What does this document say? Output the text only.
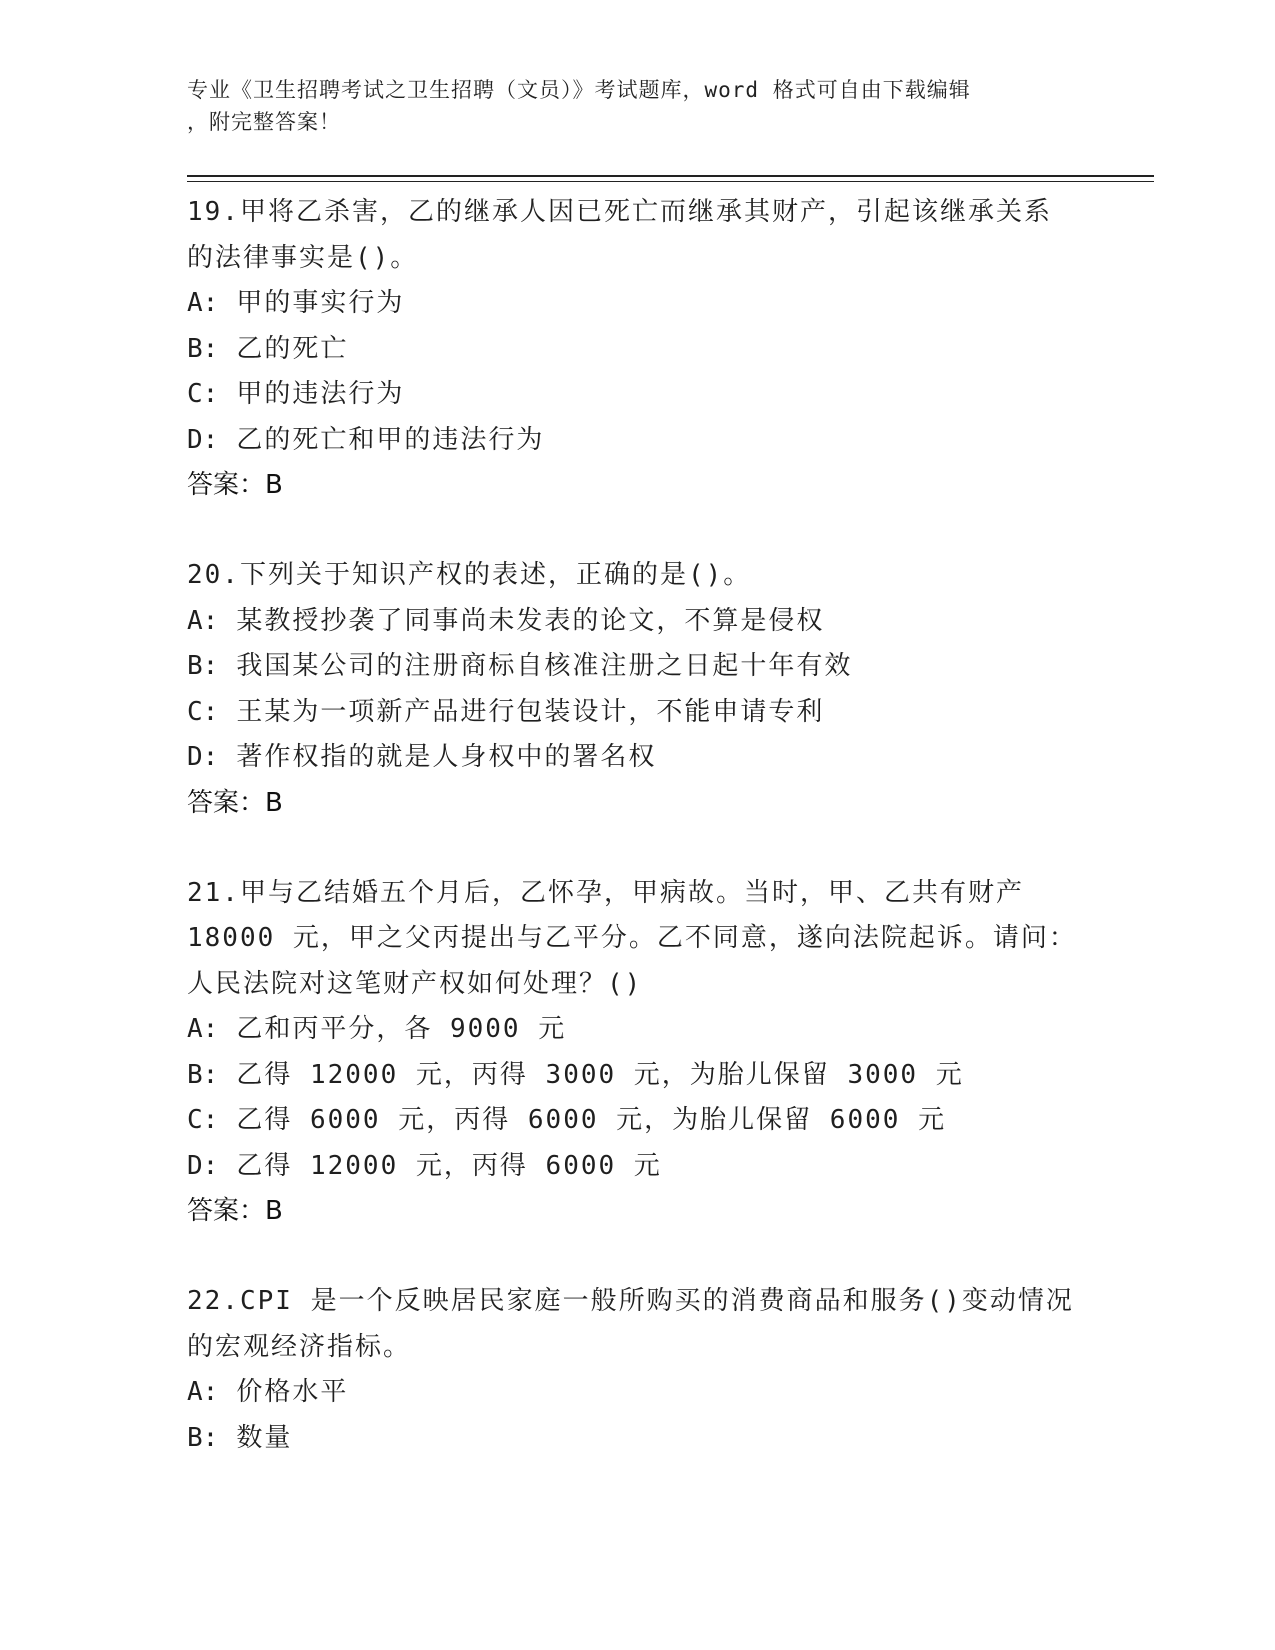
专业《卫生招聘考试之卫生招聘（文员）》考试题库，word 格式可自由下载编辑
，附完整答案！
19.甲将乙杀害，乙的继承人因已死亡而继承其财产，引起该继承关系
的法律事实是()。
A: 甲的事实行为
B: 乙的死亡
C: 甲的违法行为
D: 乙的死亡和甲的违法行为
答案：B
20.下列关于知识产权的表述，正确的是()。
A: 某教授抄袭了同事尚未发表的论文，不算是侵权
B: 我国某公司的注册商标自核准注册之日起十年有效
C: 王某为一项新产品进行包装设计，不能申请专利
D: 著作权指的就是人身权中的署名权
答案：B
21.甲与乙结婚五个月后，乙怀孕，甲病故。当时，甲、乙共有财产
18000 元，甲之父丙提出与乙平分。乙不同意，遂向法院起诉。请问：
人民法院对这笔财产权如何处理？()
A: 乙和丙平分，各 9000 元
B: 乙得 12000 元，丙得 3000 元，为胎儿保留 3000 元
C: 乙得 6000 元，丙得 6000 元，为胎儿保留 6000 元
D: 乙得 12000 元，丙得 6000 元
答案：B
22.CPI 是一个反映居民家庭一般所购买的消费商品和服务()变动情况
的宏观经济指标。
A: 价格水平
B: 数量
